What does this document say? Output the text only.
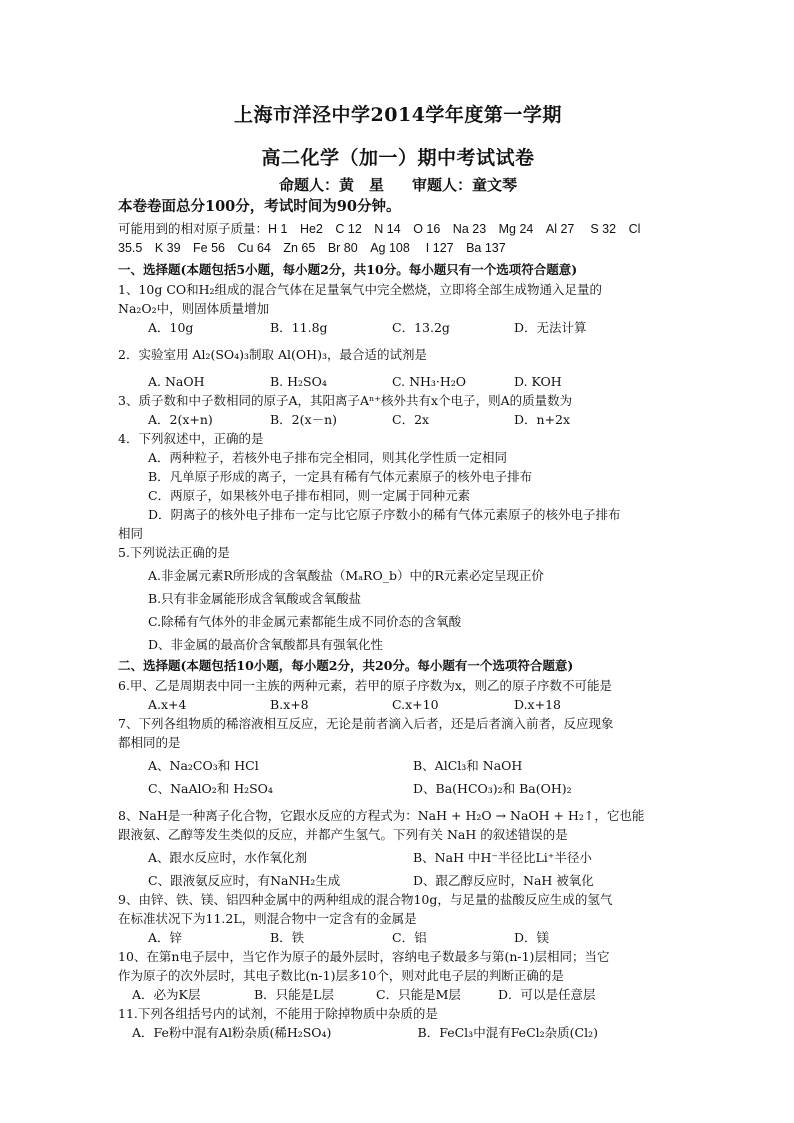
上海市洋泾中学2014学年度第一学期
高二化学（加一）期中考试试卷
命题人：黄　星 审题人：童文琴
本卷卷面总分100分，考试时间为90分钟。

可能用到的相对原子质量：H 1　He2　C 12　N 14　O 16　Na 23　Mg 24　Al 27　 S 32　Cl

35.5　K 39　Fe 56　Cu 64　Zn 65　Br 80　Ag 108　 I 127　Ba 137

一、选择题(本题包括5小题，每小题2分，共10分。每小题只有一个选项符合题意)

1、10g CO和H₂组成的混合气体在足量氧气中完全燃烧，立即将全部生成物通入足量的

Na₂O₂中，则固体质量增加

A．10g	B．11.8g	C．13.2g	D．无法计算

2．实验室用 Al₂(SO₄)₃制取 Al(OH)₃，最合适的试剂是

A. NaOH	B. H₂SO₄	C. NH₃·H₂O	D. KOH

3、质子数和中子数相同的原子A，其阳离子Aⁿ⁺核外共有x个电子，则A的质量数为

A．2(x+n)	B．2(x－n)	C．2x	D．n+2x

4．下列叙述中，正确的是

A．两种粒子，若核外电子排布完全相同，则其化学性质一定相同

B．凡单原子形成的离子，一定具有稀有气体元素原子的核外电子排布

C．两原子，如果核外电子排布相同，则一定属于同种元素

D．阴离子的核外电子排布一定与比它原子序数小的稀有气体元素原子的核外电子排布

相同

5.下列说法正确的是

A.非金属元素R所形成的含氧酸盐（MₐRO_b）中的R元素必定呈现正价

B.只有非金属能形成含氧酸或含氧酸盐

C.除稀有气体外的非金属元素都能生成不同价态的含氧酸

D、非金属的最高价含氧酸都具有强氧化性

二、选择题(本题包括10小题，每小题2分，共20分。每小题有一个选项符合题意)

6.甲、乙是周期表中同一主族的两种元素，若甲的原子序数为x，则乙的原子序数不可能是

A.x+4	B.x+8	C.x+10	D.x+18

7、下列各组物质的稀溶液相互反应，无论是前者滴入后者，还是后者滴入前者，反应现象

都相同的是

A、Na₂CO₃和 HCl	B、AlCl₃和 NaOH
C、NaAlO₂和 H₂SO₄	D、Ba(HCO₃)₂和 Ba(OH)₂

8、NaH是一种离子化合物，它跟水反应的方程式为：NaH + H₂O → NaOH + H₂↑，它也能

跟液氨、乙醇等发生类似的反应，并都产生氢气。下列有关 NaH 的叙述错误的是

A、跟水反应时，水作氧化剂	B、NaH 中H⁻半径比Li⁺半径小
C、跟液氨反应时，有NaNH₂生成	D、跟乙醇反应时，NaH 被氧化

9、由锌、铁、镁、铝四种金属中的两种组成的混合物10g，与足量的盐酸反应生成的氢气

在标准状况下为11.2L，则混合物中一定含有的金属是

A．锌	B．铁	C．铝	D．镁

10、在第n电子层中，当它作为原子的最外层时，容纳电子数最多与第(n-1)层相同；当它

作为原子的次外层时，其电子数比(n-1)层多10个，则对此电子层的判断正确的是

A．必为K层	B．只能是L层	C．只能是M层	D．可以是任意层

11.下列各组括号内的试剂，不能用于除掉物质中杂质的是

A．Fe粉中混有Al粉杂质(稀H₂SO₄)	B．FeCl₃中混有FeCl₂杂质(Cl₂)
